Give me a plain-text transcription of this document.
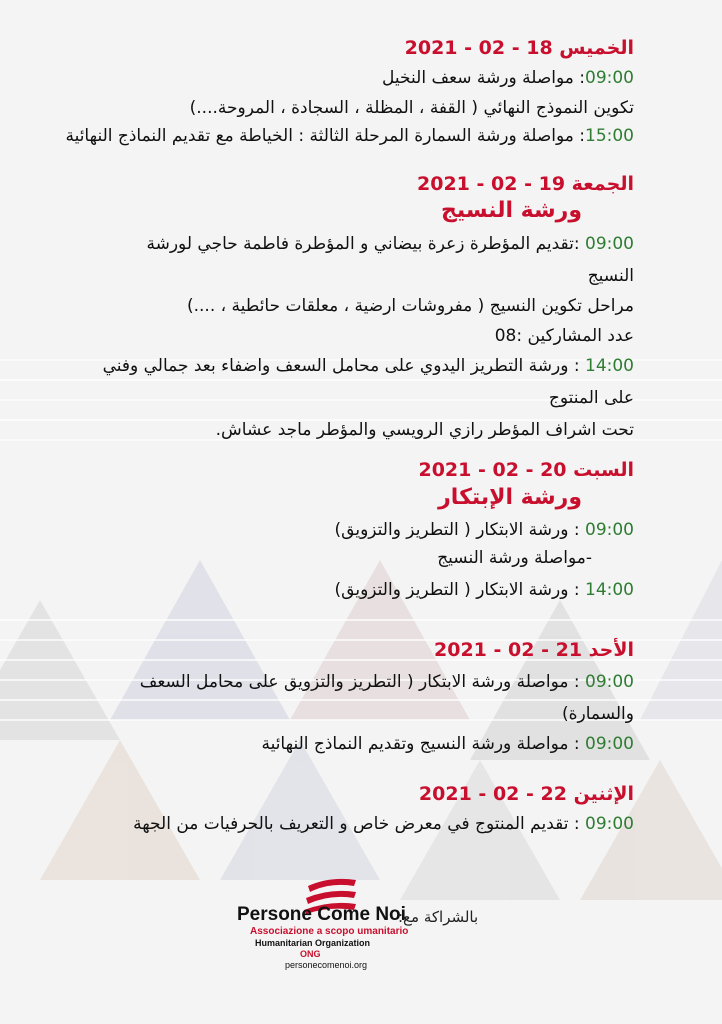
الخميس 18 - 02 - 2021
09:00: مواصلة ورشة سعف النخيل
تكوين النموذج النهائي ( القفة ، المظلة ، السجادة ، المروحة....)
15:00: مواصلة ورشة السمارة المرحلة الثالثة : الخياطة مع تقديم النماذج النهائية
الجمعة 19 - 02 - 2021
ورشة النسيج
09:00 :تقديم المؤطرة زعرة بيضاني و المؤطرة فاطمة حاجي لورشة
النسيج
مراحل تكوين النسيج ( مفروشات ارضية ، معلقات حائطية ، ....)
عدد المشاركين :08
14:00 : ورشة التطريز اليدوي على محامل السعف واضفاء بعد جمالي وفني
على المنتوج
تحت اشراف المؤطر رازي الرويسي والمؤطر ماجد عشاش.
السبت 20 - 02 - 2021
ورشة الإبتكار
09:00 : ورشة الابتكار ( التطريز والتزويق)
-مواصلة ورشة النسيج
14:00 : ورشة الابتكار ( التطريز والتزويق)
الأحد 21 - 02 - 2021
09:00 : مواصلة ورشة الابتكار ( التطريز والتزويق على محامل السعف
والسمارة)
09:00 : مواصلة ورشة النسيج وتقديم النماذج النهائية
الإثنين 22 - 02 - 2021
09:00 : تقديم المنتوج في معرض خاص و التعريف بالحرفيات من الجهة
Persone Come Noi
Associazione a scopo umanitario
Humanitarian Organization
ONG
personecomenoi.org
بالشراكة مع:
